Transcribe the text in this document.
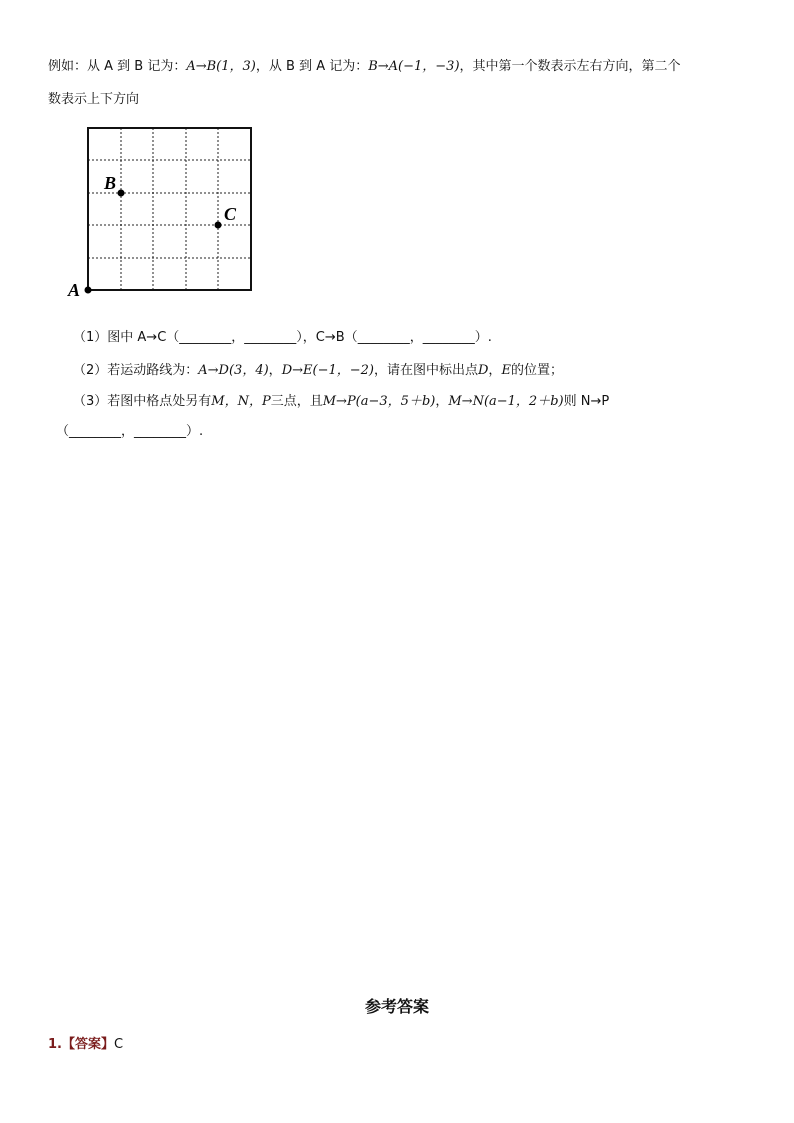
例如：从 A 到 B 记为：A→B(1，3)，从 B 到 A 记为：B→A(−1，−3)，其中第一个数表示左右方向，第二个
数表示上下方向
A
B
C
（1）图中 A→C（________，________），C→B（________，________）.
（2）若运动路线为：A→D(3，4)，D→E(−1，−2)，请在图中标出点D，E的位置；
（3）若图中格点处另有M，N，P三点，且M→P(a−3，5＋b)，M→N(a−1，2＋b)则 N→P
（________，________）.
参考答案
1.【答案】C
